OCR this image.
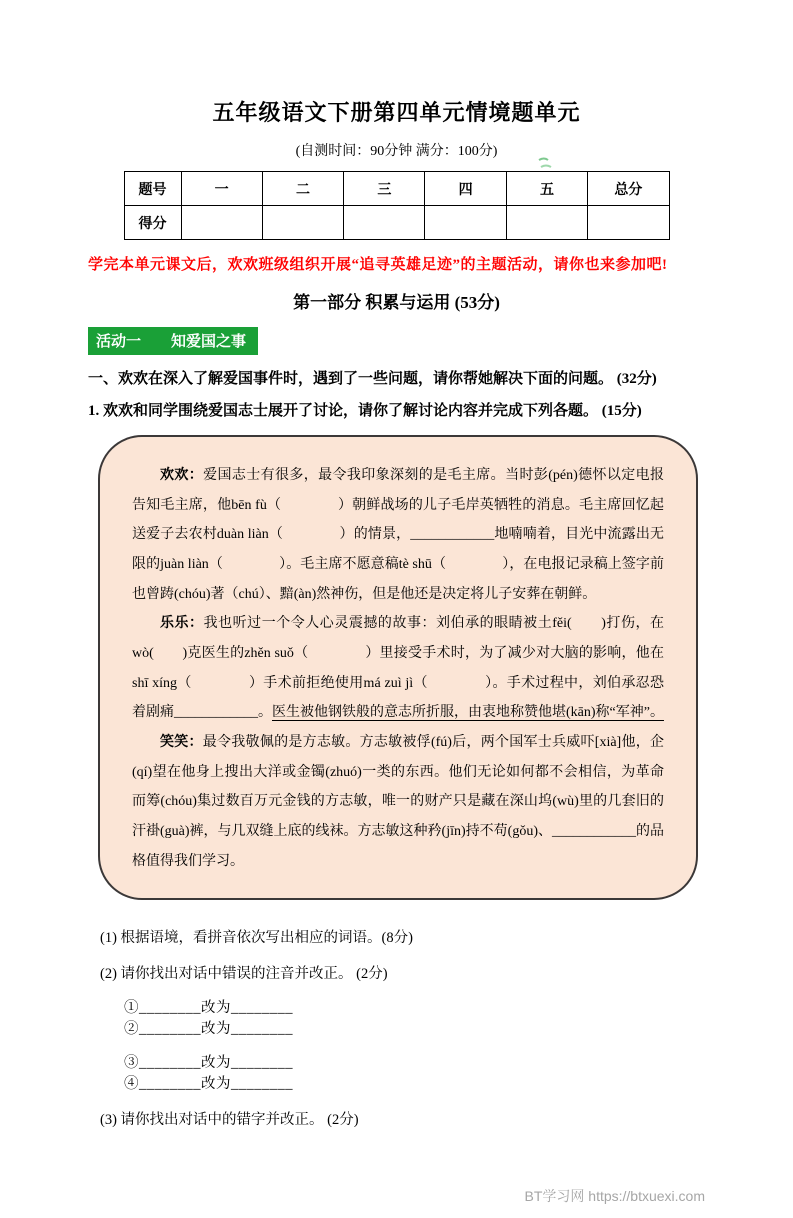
五年级语文下册第四单元情境题单元
(自测时间：90分钟 满分：100分)
题号	一	二	三	四	五	总分
得分						
学完本单元课文后，欢欢班级组织开展“追寻英雄足迹”的主题活动，请你也来参加吧!
第一部分 积累与运用 (53分)
活动一　　知爱国之事
一、欢欢在深入了解爱国事件时，遇到了一些问题，请你帮她解决下面的问题。 (32分)
1. 欢欢和同学围绕爱国志士展开了讨论，请你了解讨论内容并完成下列各题。 (15分)

欢欢：爱国志士有很多，最令我印象深刻的是毛主席。当时彭(pén)德怀以定电报告知毛主席，他bēn fù（　　　　）朝鲜战场的儿子毛岸英牺牲的消息。毛主席回忆起送爱子去农村duàn liàn（　　　　）的情景，____________地喃喃着，目光中流露出无限的juàn liàn（　　　　）。毛主席不愿意稿tè shū（　　　　），在电报记录稿上签字前也曾踌(chóu)著（chú）、黯(àn)然神伤，但是他还是决定将儿子安葬在朝鲜。

乐乐：我也听过一个令人心灵震撼的故事：刘伯承的眼睛被土fěi(　　)打伤，在wò(　　)克医生的zhěn suǒ（　　　　）里接受手术时，为了减少对大脑的影响，他在shī xíng（　　　　）手术前拒绝使用má zuì jì（　　　　）。手术过程中，刘伯承忍恐着剧痛____________。医生被他钢铁般的意志所折服，由衷地称赞他堪(kān)称“军神”。

笑笑：最令我敬佩的是方志敏。方志敏被俘(fú)后，两个国军士兵威吓[xià]他，企(qí)望在他身上搜出大洋或金镯(zhuó)一类的东西。他们无论如何都不会相信，为革命而筹(chóu)集过数百万元金钱的方志敏，唯一的财产只是藏在深山坞(wù)里的几套旧的汗褂(guà)裤，与几双缝上底的线袜。方志敏这种矜(jīn)持不苟(gǒu)、____________的品格值得我们学习。

(1) 根据语境，看拼音依次写出相应的词语。(8分)
(2) 请你找出对话中错误的注音并改正。 (2分)
①________改为________②________改为________
③________改为________④________改为________
(3) 请你找出对话中的错字并改正。 (2分)
BT学习网 https://btxuexi.com
